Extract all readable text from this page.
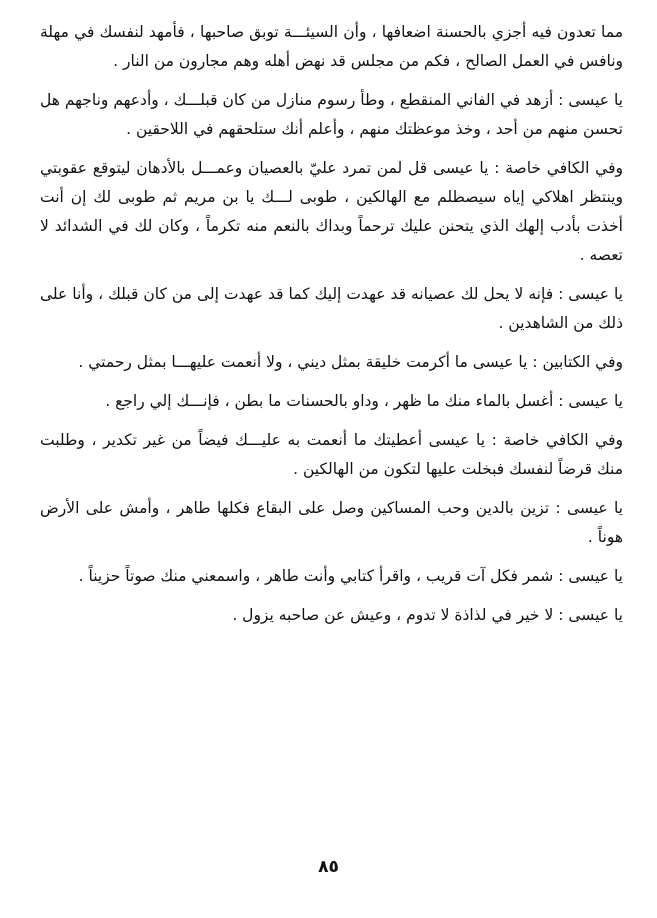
مما تعدون فيه أجزي بالحسنة اضعافها ، وأن السيئـــة توبق صاحبها ، فأمهد لنفسك في مهلة ونافس في العمل الصالح ، فكم من مجلس قد نهض أهله وهم مجارون من النار .

يا عيسى : أزهد في الفاني المنقطع ، وطأ رسوم منازل من كان قبلـــك ، وأدعهم وناجهم هل تحسن منهم من أحد ، وخذ موعظتك منهم ، وأعلم أنك ستلحقهم في اللاحقين .

وفي الكافي خاصة : يا عيسى قل لمن تمرد عليّ بالعصيان وعمـــل بالأدهان ليتوقع عقوبتي وينتظر اهلاكي إياه سيصطلم مع الهالكين ، طوبى لـــك يا بن مريم ثم طوبى لك إن أنت أخذت بأدب إلهك الذي يتحنن عليك ترحماً وبداك بالنعم منه تكرماً ، وكان لك في الشدائد لا تعصه .

يا عيسى : فإنه لا يحل لك عصيانه قد عهدت إليك كما قد عهدت إلى من كان قبلك ، وأنا على ذلك من الشاهدين .

وفي الكتابين : يا عيسى ما أكرمت خليقة بمثل ديني ، ولا أنعمت عليهـــا بمثل رحمتي .

يا عيسى : أغسل بالماء منك ما ظهر ، وداو بالحسنات ما بطن ، فإنـــك إلي راجع .

وفي الكافي خاصة : يا عيسى أعطيتك ما أنعمت به عليـــك فيضاً من غير تكدير ، وطلبت منك قرضاً لنفسك فبخلت عليها لتكون من الهالكين .

يا عيسى : تزين بالدين وحب المساكين وصل على البقاع فكلها طاهر ، وأمش على الأرض هوناً .

يا عيسى : شمر فكل آت قريب ، واقرأ كتابي وأنت طاهر ، واسمعني منك صوتاً حزيناً .

يا عيسى : لا خير في لذاذة لا تدوم ، وعيش عن صاحبه يزول .

٨٥
